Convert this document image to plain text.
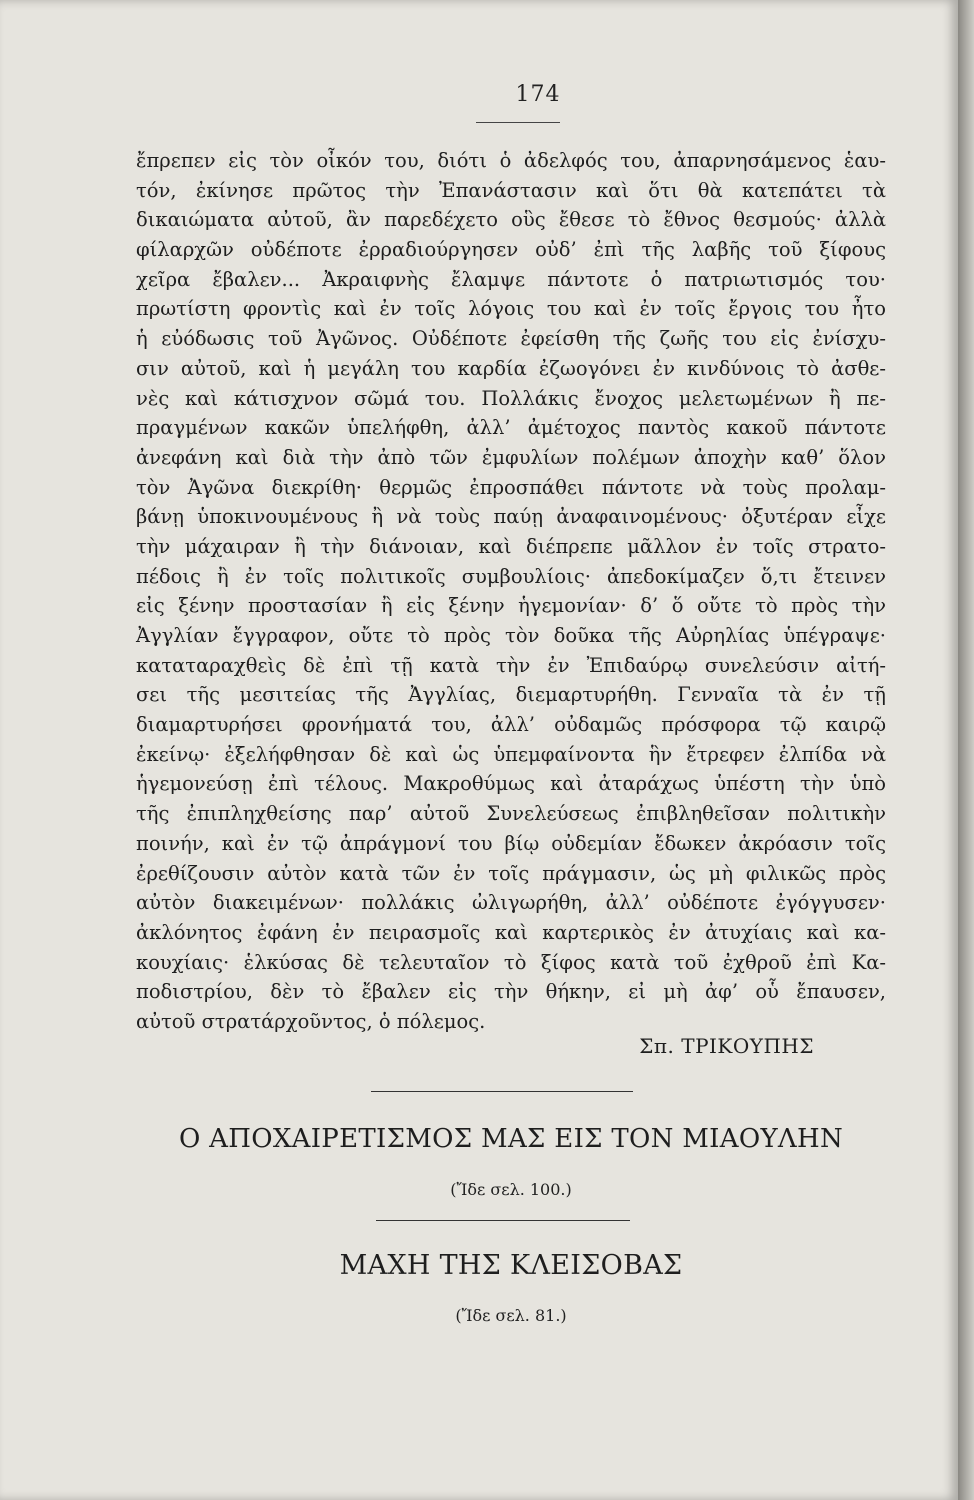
174
ἔπρεπεν εἰς τὸν οἶκόν του, διότι ὁ ἀδελφός του, ἀπαρνησάμενος ἑαυ-
τόν, ἐκίνησε πρῶτος τὴν Ἐπανάστασιν καὶ ὅτι θὰ κατεπάτει τὰ
δικαιώματα αὐτοῦ, ἂν παρεδέχετο οὓς ἔθεσε τὸ ἔθνος θεσμούς· ἀλλὰ
φίλαρχῶν οὐδέποτε ἐρραδιούργησεν οὐδ’ ἐπὶ τῆς λαβῆς τοῦ ξίφους
χεῖρα ἔβαλεν... Ἀκραιφνὴς ἔλαμψε πάντοτε ὁ πατριωτισμός του·
πρωτίστη φροντὶς καὶ ἐν τοῖς λόγοις του καὶ ἐν τοῖς ἔργοις του ἦτο
ἡ εὐόδωσις τοῦ Ἀγῶνος. Οὐδέποτε ἐφείσθη τῆς ζωῆς του εἰς ἐνίσχυ-
σιν αὐτοῦ, καὶ ἡ μεγάλη του καρδία ἐζωογόνει ἐν κινδύνοις τὸ ἀσθε-
νὲς καὶ κάτισχνον σῶμά του. Πολλάκις ἔνοχος μελετωμένων ἢ πε-
πραγμένων κακῶν ὑπελήφθη, ἀλλ’ ἀμέτοχος παντὸς κακοῦ πάντοτε
ἀνεφάνη καὶ διὰ τὴν ἀπὸ τῶν ἐμφυλίων πολέμων ἀποχὴν καθ’ ὅλον
τὸν Ἀγῶνα διεκρίθη· θερμῶς ἐπροσπάθει πάντοτε νὰ τοὺς προλαμ-
βάνῃ ὑποκινουμένους ἢ νὰ τοὺς παύῃ ἀναφαινομένους· ὀξυτέραν εἶχε
τὴν μάχαιραν ἢ τὴν διάνοιαν, καὶ διέπρεπε μᾶλλον ἐν τοῖς στρατο-
πέδοις ἢ ἐν τοῖς πολιτικοῖς συμβουλίοις· ἀπεδοκίμαζεν ὅ,τι ἔτεινεν
εἰς ξένην προστασίαν ἢ εἰς ξένην ἡγεμονίαν· δ’ ὅ οὔτε τὸ πρὸς τὴν
Ἀγγλίαν ἔγγραφον, οὔτε τὸ πρὸς τὸν δοῦκα τῆς Αὐρηλίας ὑπέγραψε·
καταταραχθεὶς δὲ ἐπὶ τῇ κατὰ τὴν ἐν Ἐπιδαύρῳ συνελεύσιν αἰτή-
σει τῆς μεσιτείας τῆς Ἀγγλίας, διεμαρτυρήθη. Γενναῖα τὰ ἐν τῇ
διαμαρτυρήσει φρονήματά του, ἀλλ’ οὐδαμῶς πρόσφορα τῷ καιρῷ
ἐκείνῳ· ἐξελήφθησαν δὲ καὶ ὡς ὑπεμφαίνοντα ἣν ἔτρεφεν ἐλπίδα νὰ
ἡγεμονεύσῃ ἐπὶ τέλους. Μακροθύμως καὶ ἀταράχως ὑπέστη τὴν ὑπὸ
τῆς ἐπιπληχθείσης παρ’ αὐτοῦ Συνελεύσεως ἐπιβληθεῖσαν πολιτικὴν
ποινήν, καὶ ἐν τῷ ἀπράγμονί του βίῳ οὐδεμίαν ἔδωκεν ἀκρόασιν τοῖς
ἐρεθίζουσιν αὐτὸν κατὰ τῶν ἐν τοῖς πράγμασιν, ὡς μὴ φιλικῶς πρὸς
αὐτὸν διακειμένων· πολλάκις ὠλιγωρήθη, ἀλλ’ οὐδέποτε ἐγόγγυσεν·
ἀκλόνητος ἐφάνη ἐν πειρασμοῖς καὶ καρτερικὸς ἐν ἀτυχίαις καὶ κα-
κουχίαις· ἑλκύσας δὲ τελευταῖον τὸ ξίφος κατὰ τοῦ ἐχθροῦ ἐπὶ Κα-
ποδιστρίου, δὲν τὸ ἔβαλεν εἰς τὴν θήκην, εἰ μὴ ἀφ’ οὗ ἔπαυσεν,
αὐτοῦ στρατάρχοῦντος, ὁ πόλεμος.
Σπ. ΤΡΙΚΟΥΠΗΣ
Ο ΑΠΟΧΑΙΡΕΤΙΣΜΟΣ ΜΑΣ ΕΙΣ ΤΟΝ ΜΙΑΟΥΛΗΝ
(Ἴδε σελ. 100.)
ΜΑΧΗ ΤΗΣ ΚΛΕΙΣΟΒΑΣ
(Ἴδε σελ. 81.)
